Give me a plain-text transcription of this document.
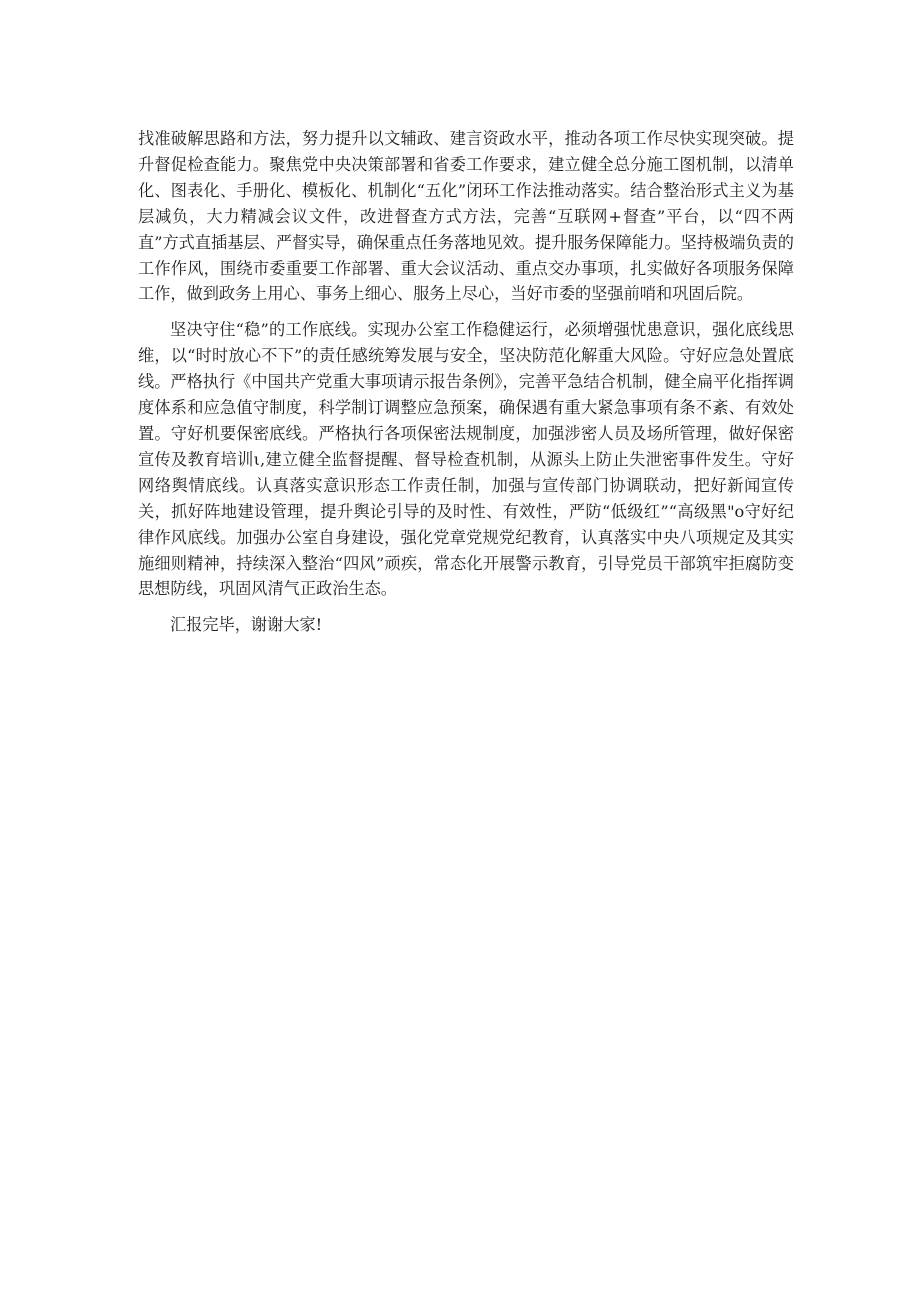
找准破解思路和方法，努力提升以文辅政、建言资政水平，推动各项工作尽快实现突破。提升督促检查能力。聚焦党中央决策部署和省委工作要求，建立健全总分施工图机制，以清单化、图表化、手册化、模板化、机制化“五化”闭环工作法推动落实。结合整治形式主义为基层减负，大力精减会议文件，改进督查方式方法，完善“互联网+督查”平台，以“四不两直”方式直插基层、严督实导，确保重点任务落地见效。提升服务保障能力。坚持极端负责的工作作风，围绕市委重要工作部署、重大会议活动、重点交办事项，扎实做好各项服务保障工作，做到政务上用心、事务上细心、服务上尽心，当好市委的坚强前哨和巩固后院。

坚决守住“稳”的工作底线。实现办公室工作稳健运行，必须增强忧患意识，强化底线思维，以“时时放心不下”的责任感统筹发展与安全，坚决防范化解重大风险。守好应急处置底线。严格执行《中国共产党重大事项请示报告条例》，完善平急结合机制，健全扁平化指挥调度体系和应急值守制度，科学制订调整应急预案，确保遇有重大紧急事项有条不紊、有效处置。守好机要保密底线。严格执行各项保密法规制度，加强涉密人员及场所管理，做好保密宣传及教育培训ι,建立健全监督提醒、督导检查机制，从源头上防止失泄密事件发生。守好网络舆情底线。认真落实意识形态工作责任制，加强与宣传部门协调联动，把好新闻宣传关，抓好阵地建设管理，提升舆论引导的及时性、有效性，严防“低级红”“高级黑"o守好纪律作风底线。加强办公室自身建设，强化党章党规党纪教育，认真落实中央八项规定及其实施细则精神，持续深入整治“四风”顽疾，常态化开展警示教育，引导党员干部筑牢拒腐防变思想防线，巩固风清气正政治生态。

汇报完毕，谢谢大家!
